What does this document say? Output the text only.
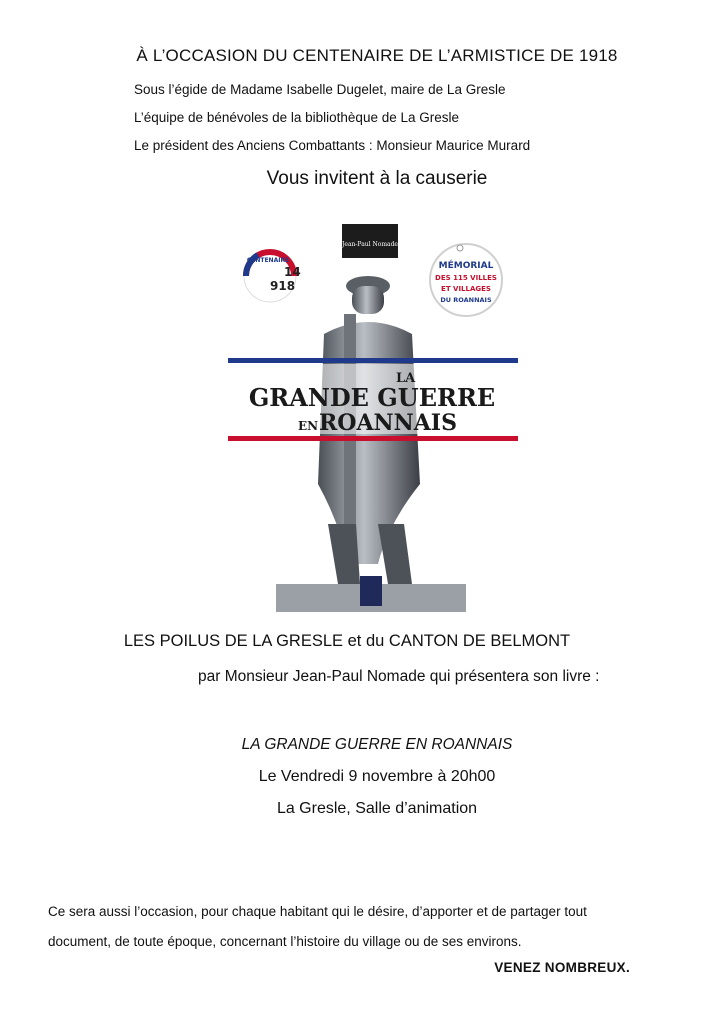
À L’OCCASION DU CENTENAIRE DE L’ARMISTICE DE 1918
Sous l’égide de Madame Isabelle Dugelet, maire de La Gresle
L’équipe de bénévoles de la bibliothèque de La Gresle
Le président des Anciens Combattants : Monsieur Maurice Murard
Vous invitent à la causerie
Jean-Paul Nomade
LA
GRANDE GUERRE
EN ROANNAIS
CENTENAIRE
14
918
MÉMORIAL
DES 115 VILLES
ET VILLAGES
DU ROANNAIS
LES POILUS DE LA GRESLE et du CANTON DE BELMONT
par Monsieur Jean-Paul Nomade qui présentera son livre :
LA GRANDE GUERRE EN ROANNAIS
Le Vendredi 9 novembre à 20h00
La Gresle, Salle d’animation
Ce sera aussi l’occasion, pour chaque habitant qui le désire, d’apporter et de partager tout
document, de toute époque, concernant l’histoire du village ou de ses environs.
VENEZ NOMBREUX.
